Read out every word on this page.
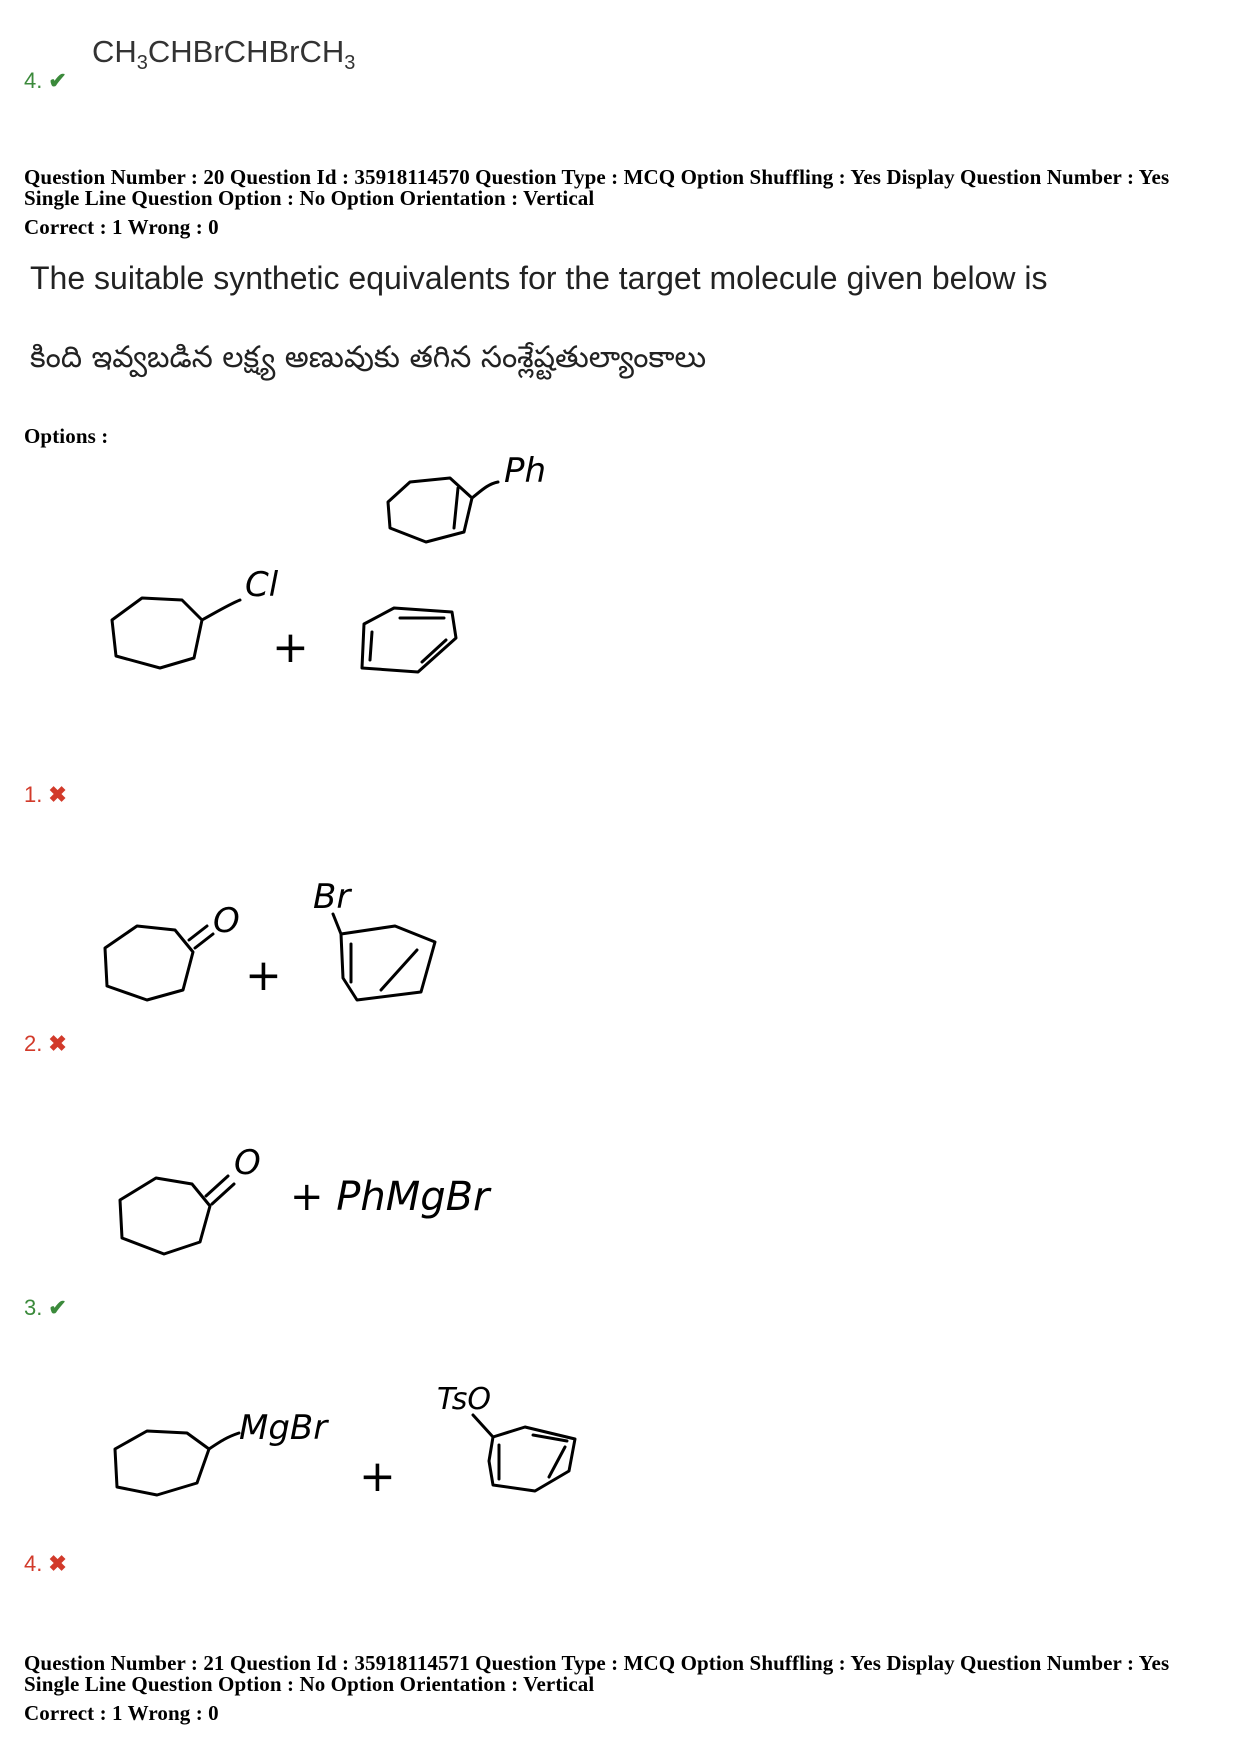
$CH_3CHBrCHBrCH_3$
4. ✔
Question Number : 20 Question Id : 35918114570 Question Type : MCQ Option Shuffling : Yes Display Question Number : Yes
Single Line Question Option : No Option Orientation : Vertical
Correct : 1 Wrong : 0
The suitable synthetic equivalents for the target molecule given below is
కింది ఇవ్వబడిన లక్ష్య అణువుకు తగిన సంశ్లేష్టతుల్యాంకాలు
Options :
Ph
Cl
+
1. ✖
O
+
Br
2. ✖
O
+ PhMgBr
3. ✔
MgBr
+
TsO
4. ✖
Question Number : 21 Question Id : 35918114571 Question Type : MCQ Option Shuffling : Yes Display Question Number : Yes
Single Line Question Option : No Option Orientation : Vertical
Correct : 1 Wrong : 0
